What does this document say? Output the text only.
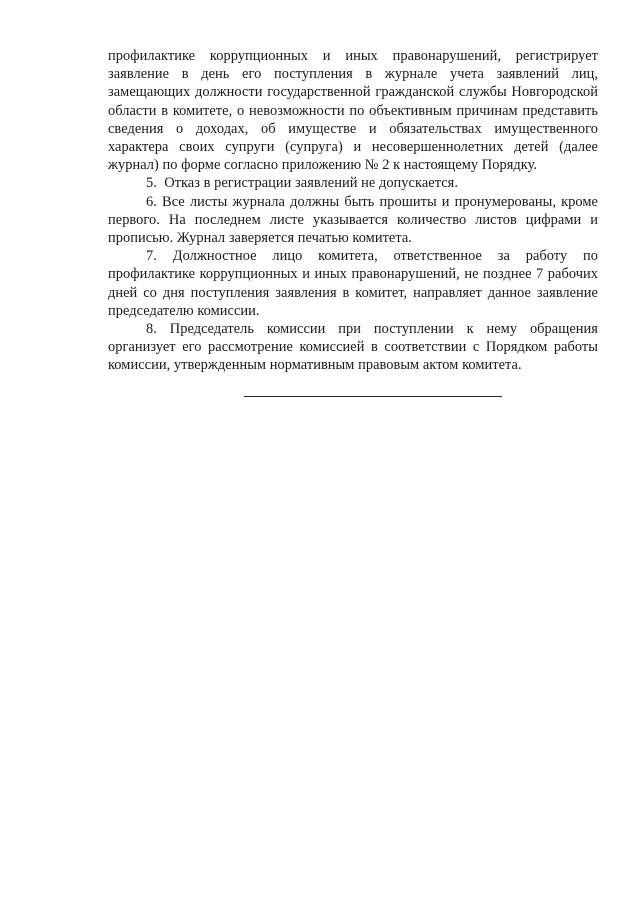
профилактике коррупционных и иных правонарушений, регистрирует заявление в день его поступления в журнале учета заявлений лиц, замещающих должности государственной гражданской службы Новгородской области в комитете, о невозможности по объективным причинам представить сведения о доходах, об имуществе и обязательствах имущественного характера своих супруги (супруга) и несовершеннолетних детей (далее журнал) по форме согласно приложению № 2 к настоящему Порядку.

5. Отказ в регистрации заявлений не допускается.

6. Все листы журнала должны быть прошиты и пронумерованы, кроме первого. На последнем листе указывается количество листов цифрами и прописью. Журнал заверяется печатью комитета.

7. Должностное лицо комитета, ответственное за работу по профилактике коррупционных и иных правонарушений, не позднее 7 рабочих дней со дня поступления заявления в комитет, направляет данное заявление председателю комиссии.

8. Председатель комиссии при поступлении к нему обращения организует его рассмотрение комиссией в соответствии с Порядком работы комиссии, утвержденным нормативным правовым актом комитета.
